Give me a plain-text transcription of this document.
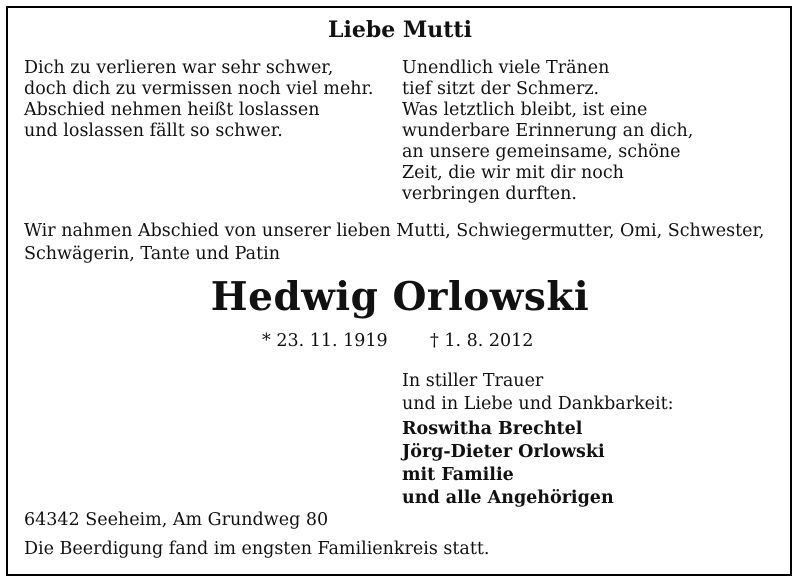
Liebe Mutti
Dich zu verlieren war sehr schwer,
doch dich zu vermissen noch viel mehr.
Abschied nehmen heißt loslassen
und loslassen fällt so schwer.
Unendlich viele Tränen
tief sitzt der Schmerz.
Was letztlich bleibt, ist eine
wunderbare Erinnerung an dich,
an unsere gemeinsame, schöne
Zeit, die wir mit dir noch
verbringen durften.
Wir nahmen Abschied von unserer lieben Mutti, Schwiegermutter, Omi, Schwester,
Schwägerin, Tante und Patin
Hedwig Orlowski
* 23. 11. 1919 † 1. 8. 2012
In stiller Trauer
und in Liebe und Dankbarkeit:
Roswitha Brechtel
Jörg-Dieter Orlowski
mit Familie
und alle Angehörigen
64342 Seeheim, Am Grundweg 80
Die Beerdigung fand im engsten Familienkreis statt.
